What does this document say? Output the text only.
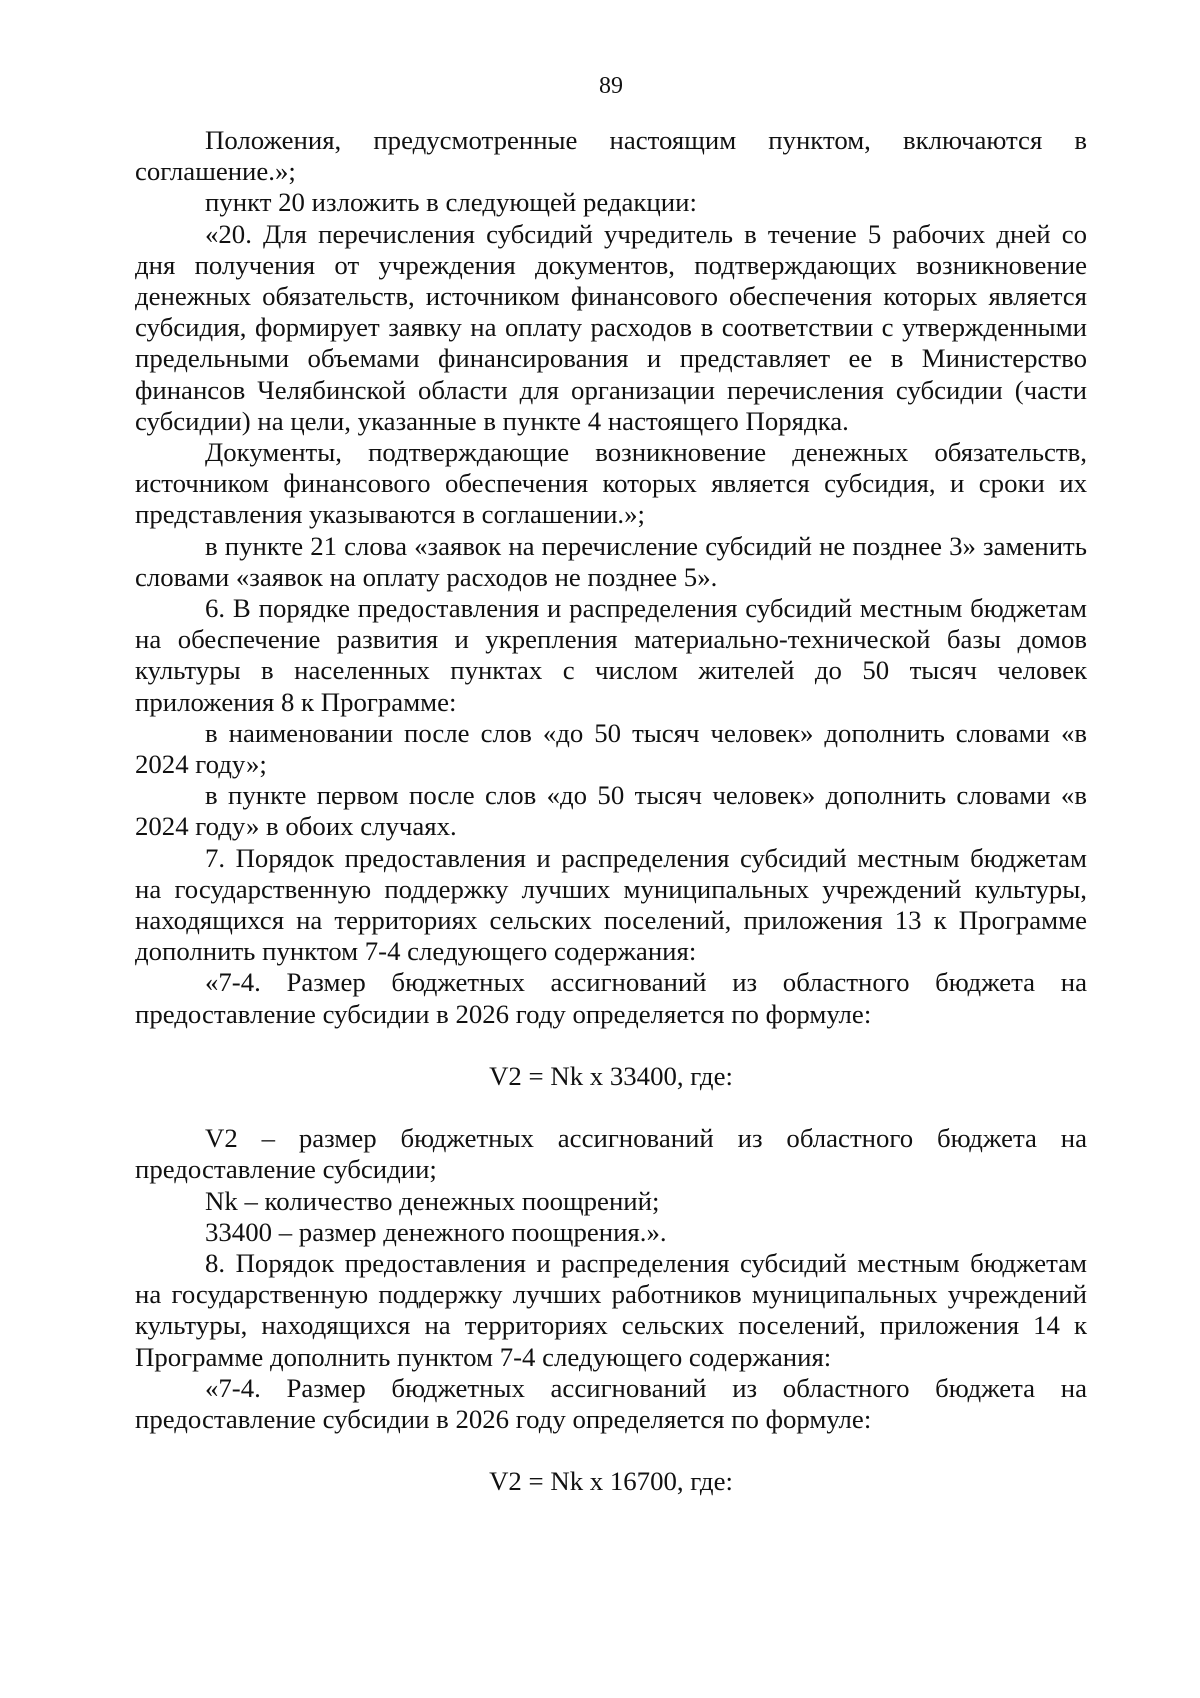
89

Положения, предусмотренные настоящим пунктом, включаются в соглашение.»;

пункт 20 изложить в следующей редакции:

«20. Для перечисления субсидий учредитель в течение 5 рабочих дней со дня получения от учреждения документов, подтверждающих возникновение денежных обязательств, источником финансового обеспечения которых является субсидия, формирует заявку на оплату расходов в соответствии с утвержденными предельными объемами финансирования и представляет ее в Министерство финансов Челябинской области для организации перечисления субсидии (части субсидии) на цели, указанные в пункте 4 настоящего Порядка.

Документы, подтверждающие возникновение денежных обязательств, источником финансового обеспечения которых является субсидия, и сроки их представления указываются в соглашении.»;

в пункте 21 слова «заявок на перечисление субсидий не позднее 3» заменить словами «заявок на оплату расходов не позднее 5».

6. В порядке предоставления и распределения субсидий местным бюджетам на обеспечение развития и укрепления материально-технической базы домов культуры в населенных пунктах с числом жителей до 50 тысяч человек приложения 8 к Программе:

в наименовании после слов «до 50 тысяч человек» дополнить словами «в 2024 году»;

в пункте первом после слов «до 50 тысяч человек» дополнить словами «в 2024 году» в обоих случаях.

7. Порядок предоставления и распределения субсидий местным бюджетам на государственную поддержку лучших муниципальных учреждений культуры, находящихся на территориях сельских поселений, приложения 13 к Программе дополнить пунктом 7-4 следующего содержания:

«7-4. Размер бюджетных ассигнований из областного бюджета на предоставление субсидии в 2026 году определяется по формуле:

V2 = Nk x 33400, где:

V2 – размер бюджетных ассигнований из областного бюджета на предоставление субсидии;

Nk – количество денежных поощрений;

33400 – размер денежного поощрения.».

8. Порядок предоставления и распределения субсидий местным бюджетам на государственную поддержку лучших работников муниципальных учреждений культуры, находящихся на территориях сельских поселений, приложения 14 к Программе дополнить пунктом 7-4 следующего содержания:

«7-4. Размер бюджетных ассигнований из областного бюджета на предоставление субсидии в 2026 году определяется по формуле:

V2 = Nk x 16700, где:
